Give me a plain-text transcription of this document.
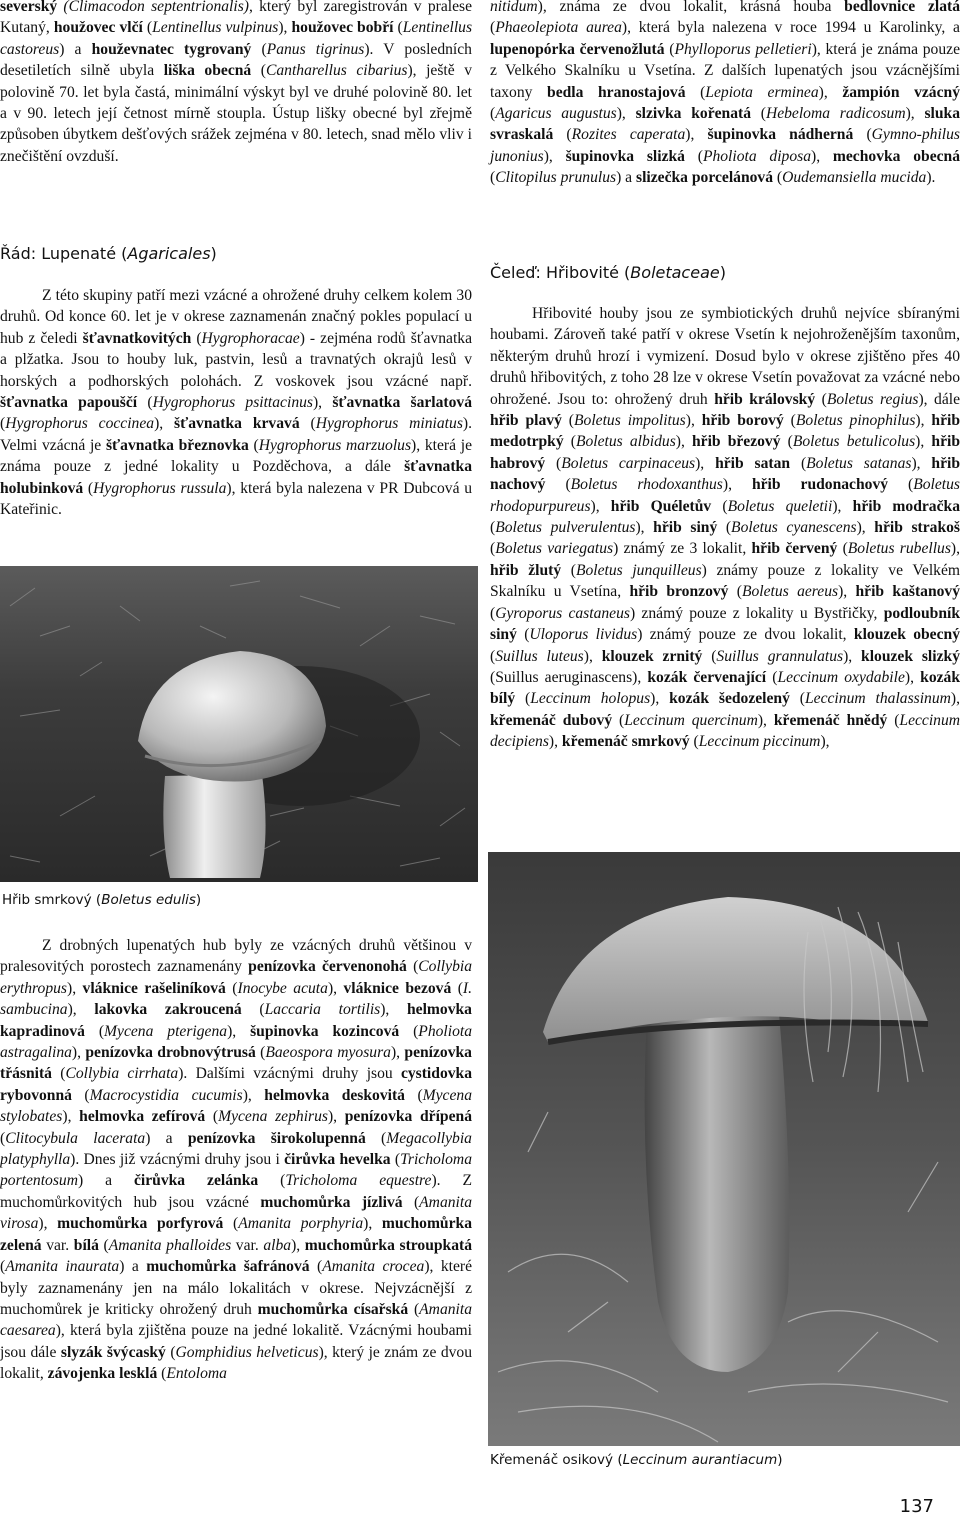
severský (Climacodon septentrionalis), který byl zaregistrován v pralese Kutaný, houžovec vlčí (Lentinellus vulpinus), houžovec bobří (Lentinellus castoreus) a houževnatec tygrovaný (Panus tigrinus). V posledních desetiletích silně ubyla liška obecná (Cantharellus cibarius), ještě v polovině 70. let byla častá, minimální výskyt byl ve druhé polovině 80. let a v 90. letech její četnost mírně stoupla. Ústup lišky obecné byl zřejmě způsoben úbytkem dešťových srážek zejména v 80. letech, snad mělo vliv i znečištění ovzduší.
Řád: Lupenaté (Agaricales)
Z této skupiny patří mezi vzácné a ohrožené druhy celkem kolem 30 druhů. Od konce 60. let je v okrese zaznamenán značný pokles populací u hub z čeledi šťavnatkovitých (Hygrophoracae) - zejména rodů šťavnatka a plžatka. Jsou to houby luk, pastvin, lesů a travnatých okrajů lesů v horských a podhorských polohách. Z voskovek jsou vzácné např. šťavnatka papouščí (Hygrophorus psittacinus), šťavnatka šarlatová (Hygrophorus coccinea), šťavnatka krvavá (Hygrophorus miniatus). Velmi vzácná je šťavnatka březnovka (Hygrophorus marzuolus), která je známa pouze z jedné lokality u Pozděchova, a dále šťavnatka holubinková (Hygrophorus russula), která byla nalezena v PR Dubcová u Kateřinic.
Hřib smrkový (Boletus edulis)
Z drobných lupenatých hub byly ze vzácných druhů většinou v pralesovitých porostech zaznamenány penízovka červenonohá (Collybia erythropus), vláknice rašeliníková (Inocybe acuta), vláknice bezová (I. sambucina), lakovka zakroucená (Laccaria tortilis), helmovka kapradinová (Mycena pterigena), šupinovka kozincová (Pholiota astragalina), penízovka drobnovýtrusá (Baeospora myosura), penízovka třásnitá (Collybia cirrhata). Dalšími vzácnými druhy jsou cystidovka rybovonná (Macrocystidia cucumis), helmovka deskovitá (Mycena stylobates), helmovka zefírová (Mycena zephirus), penízovka dřípená (Clitocybula lacerata) a penízovka širokolupenná (Megacollybia platyphylla). Dnes již vzácnými druhy jsou i čirůvka hevelka (Tricholoma portentosum) a čirůvka zelánka (Tricholoma equestre). Z muchomůrkovitých hub jsou vzácné muchomůrka jízlivá (Amanita virosa), muchomůrka porfyrová (Amanita porphyria), muchomůrka zelená var. bílá (Amanita phalloides var. alba), muchomůrka stroupkatá (Amanita inaurata) a muchomůrka šafránová (Amanita crocea), které byly zaznamenány jen na málo lokalitách v okrese. Nejvzácnější z muchomůrek je kriticky ohrožený druh muchomůrka císařská (Amanita caesarea), která byla zjištěna pouze na jedné lokalitě. Vzácnými houbami jsou dále slyzák švýcaský (Gomphidius helveticus), který je znám ze dvou lokalit, závojenka lesklá (Entoloma
nitidum), známa ze dvou lokalit, krásná houba bedlovnice zlatá (Phaeolepiota aurea), která byla nalezena v roce 1994 u Karolinky, a lupenopórka červenožlutá (Phylloporus pelletieri), která je známa pouze z Velkého Skalníku u Vsetína. Z dalších lupenatých jsou vzácnějšími taxony bedla hranostajová (Lepiota erminea), žampión vzácný (Agaricus augustus), slzivka kořenatá (Hebeloma radicosum), sluka svraskalá (Rozites caperata), šupinovka nádherná (Gymno-philus junonius), šupinovka slizká (Pholiota diposa), mechovka obecná (Clitopilus prunulus) a slizečka porcelánová (Oudemansiella mucida).
Čeleď: Hřibovité (Boletaceae)
Hřibovité houby jsou ze symbiotických druhů nejvíce sbíranými houbami. Zároveň také patří v okrese Vsetín k nejohroženějším taxonům, některým druhů hrozí i vymizení. Dosud bylo v okrese zjištěno přes 40 druhů hřibovitých, z toho 28 lze v okrese Vsetín považovat za vzácné nebo ohrožené. Jsou to: ohrožený druh hřib královský (Boletus regius), dále hřib plavý (Boletus impolitus), hřib borový (Boletus pinophilus), hřib medotrpký (Boletus albidus), hřib březový (Boletus betulicolus), hřib habrový (Boletus carpinaceus), hřib satan (Boletus satanas), hřib nachový (Boletus rhodoxanthus), hřib rudonachový (Boletus rhodopurpureus), hřib Quéletův (Boletus queletii), hřib modračka (Boletus pulverulentus), hřib siný (Boletus cyanescens), hřib strakoš (Boletus variegatus) známý ze 3 lokalit, hřib červený (Boletus rubellus), hřib žlutý (Boletus junquilleus) známy pouze z lokality ve Velkém Skalníku u Vsetína, hřib bronzový (Boletus aereus), hřib kaštanový (Gyroporus castaneus) známý pouze z lokality u Bystřičky, podloubník siný (Uloporus lividus) známý pouze ze dvou lokalit, klouzek obecný (Suillus luteus), klouzek zrnitý (Suillus grannulatus), klouzek slizký (Suillus aeruginascens), kozák červenající (Leccinum oxydabile), kozák bílý (Leccinum holopus), kozák šedozelený (Leccinum thalassinum), křemenáč dubový (Leccinum quercinum), křemenáč hnědý (Leccinum decipiens), křemenáč smrkový (Leccinum piccinum),
Křemenáč osikový (Leccinum aurantiacum)
137
